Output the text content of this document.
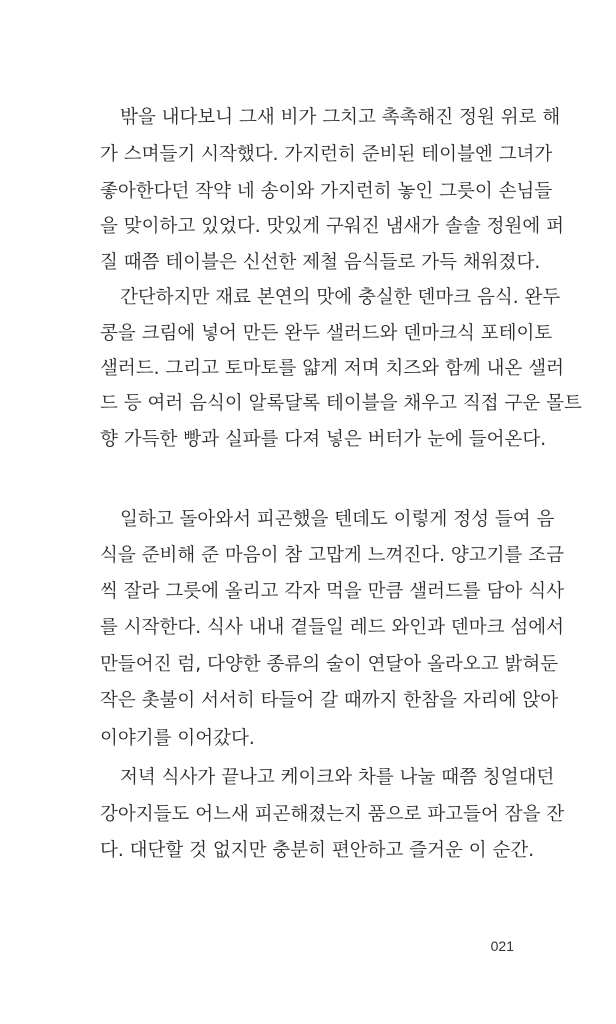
밖을 내다보니 그새 비가 그치고 촉촉해진 정원 위로 해
가 스며들기 시작했다. 가지런히 준비된 테이블엔 그녀가
좋아한다던 작약 네 송이와 가지런히 놓인 그릇이 손님들
을 맞이하고 있었다. 맛있게 구워진 냄새가 솔솔 정원에 퍼
질 때쯤 테이블은 신선한 제철 음식들로 가득 채워졌다.
간단하지만 재료 본연의 맛에 충실한 덴마크 음식. 완두
콩을 크림에 넣어 만든 완두 샐러드와 덴마크식 포테이토
샐러드. 그리고 토마토를 얇게 저며 치즈와 함께 내온 샐러
드 등 여러 음식이 알록달록 테이블을 채우고 직접 구운 몰트
향 가득한 빵과 실파를 다져 넣은 버터가 눈에 들어온다.
일하고 돌아와서 피곤했을 텐데도 이렇게 정성 들여 음
식을 준비해 준 마음이 참 고맙게 느껴진다. 양고기를 조금
씩 잘라 그릇에 올리고 각자 먹을 만큼 샐러드를 담아 식사
를 시작한다. 식사 내내 곁들일 레드 와인과 덴마크 섬에서
만들어진 럼, 다양한 종류의 술이 연달아 올라오고 밝혀둔
작은 촛불이 서서히 타들어 갈 때까지 한참을 자리에 앉아
이야기를 이어갔다.
저녁 식사가 끝나고 케이크와 차를 나눌 때쯤 칭얼대던
강아지들도 어느새 피곤해졌는지 품으로 파고들어 잠을 잔
다. 대단할 것 없지만 충분히 편안하고 즐거운 이 순간.
021
